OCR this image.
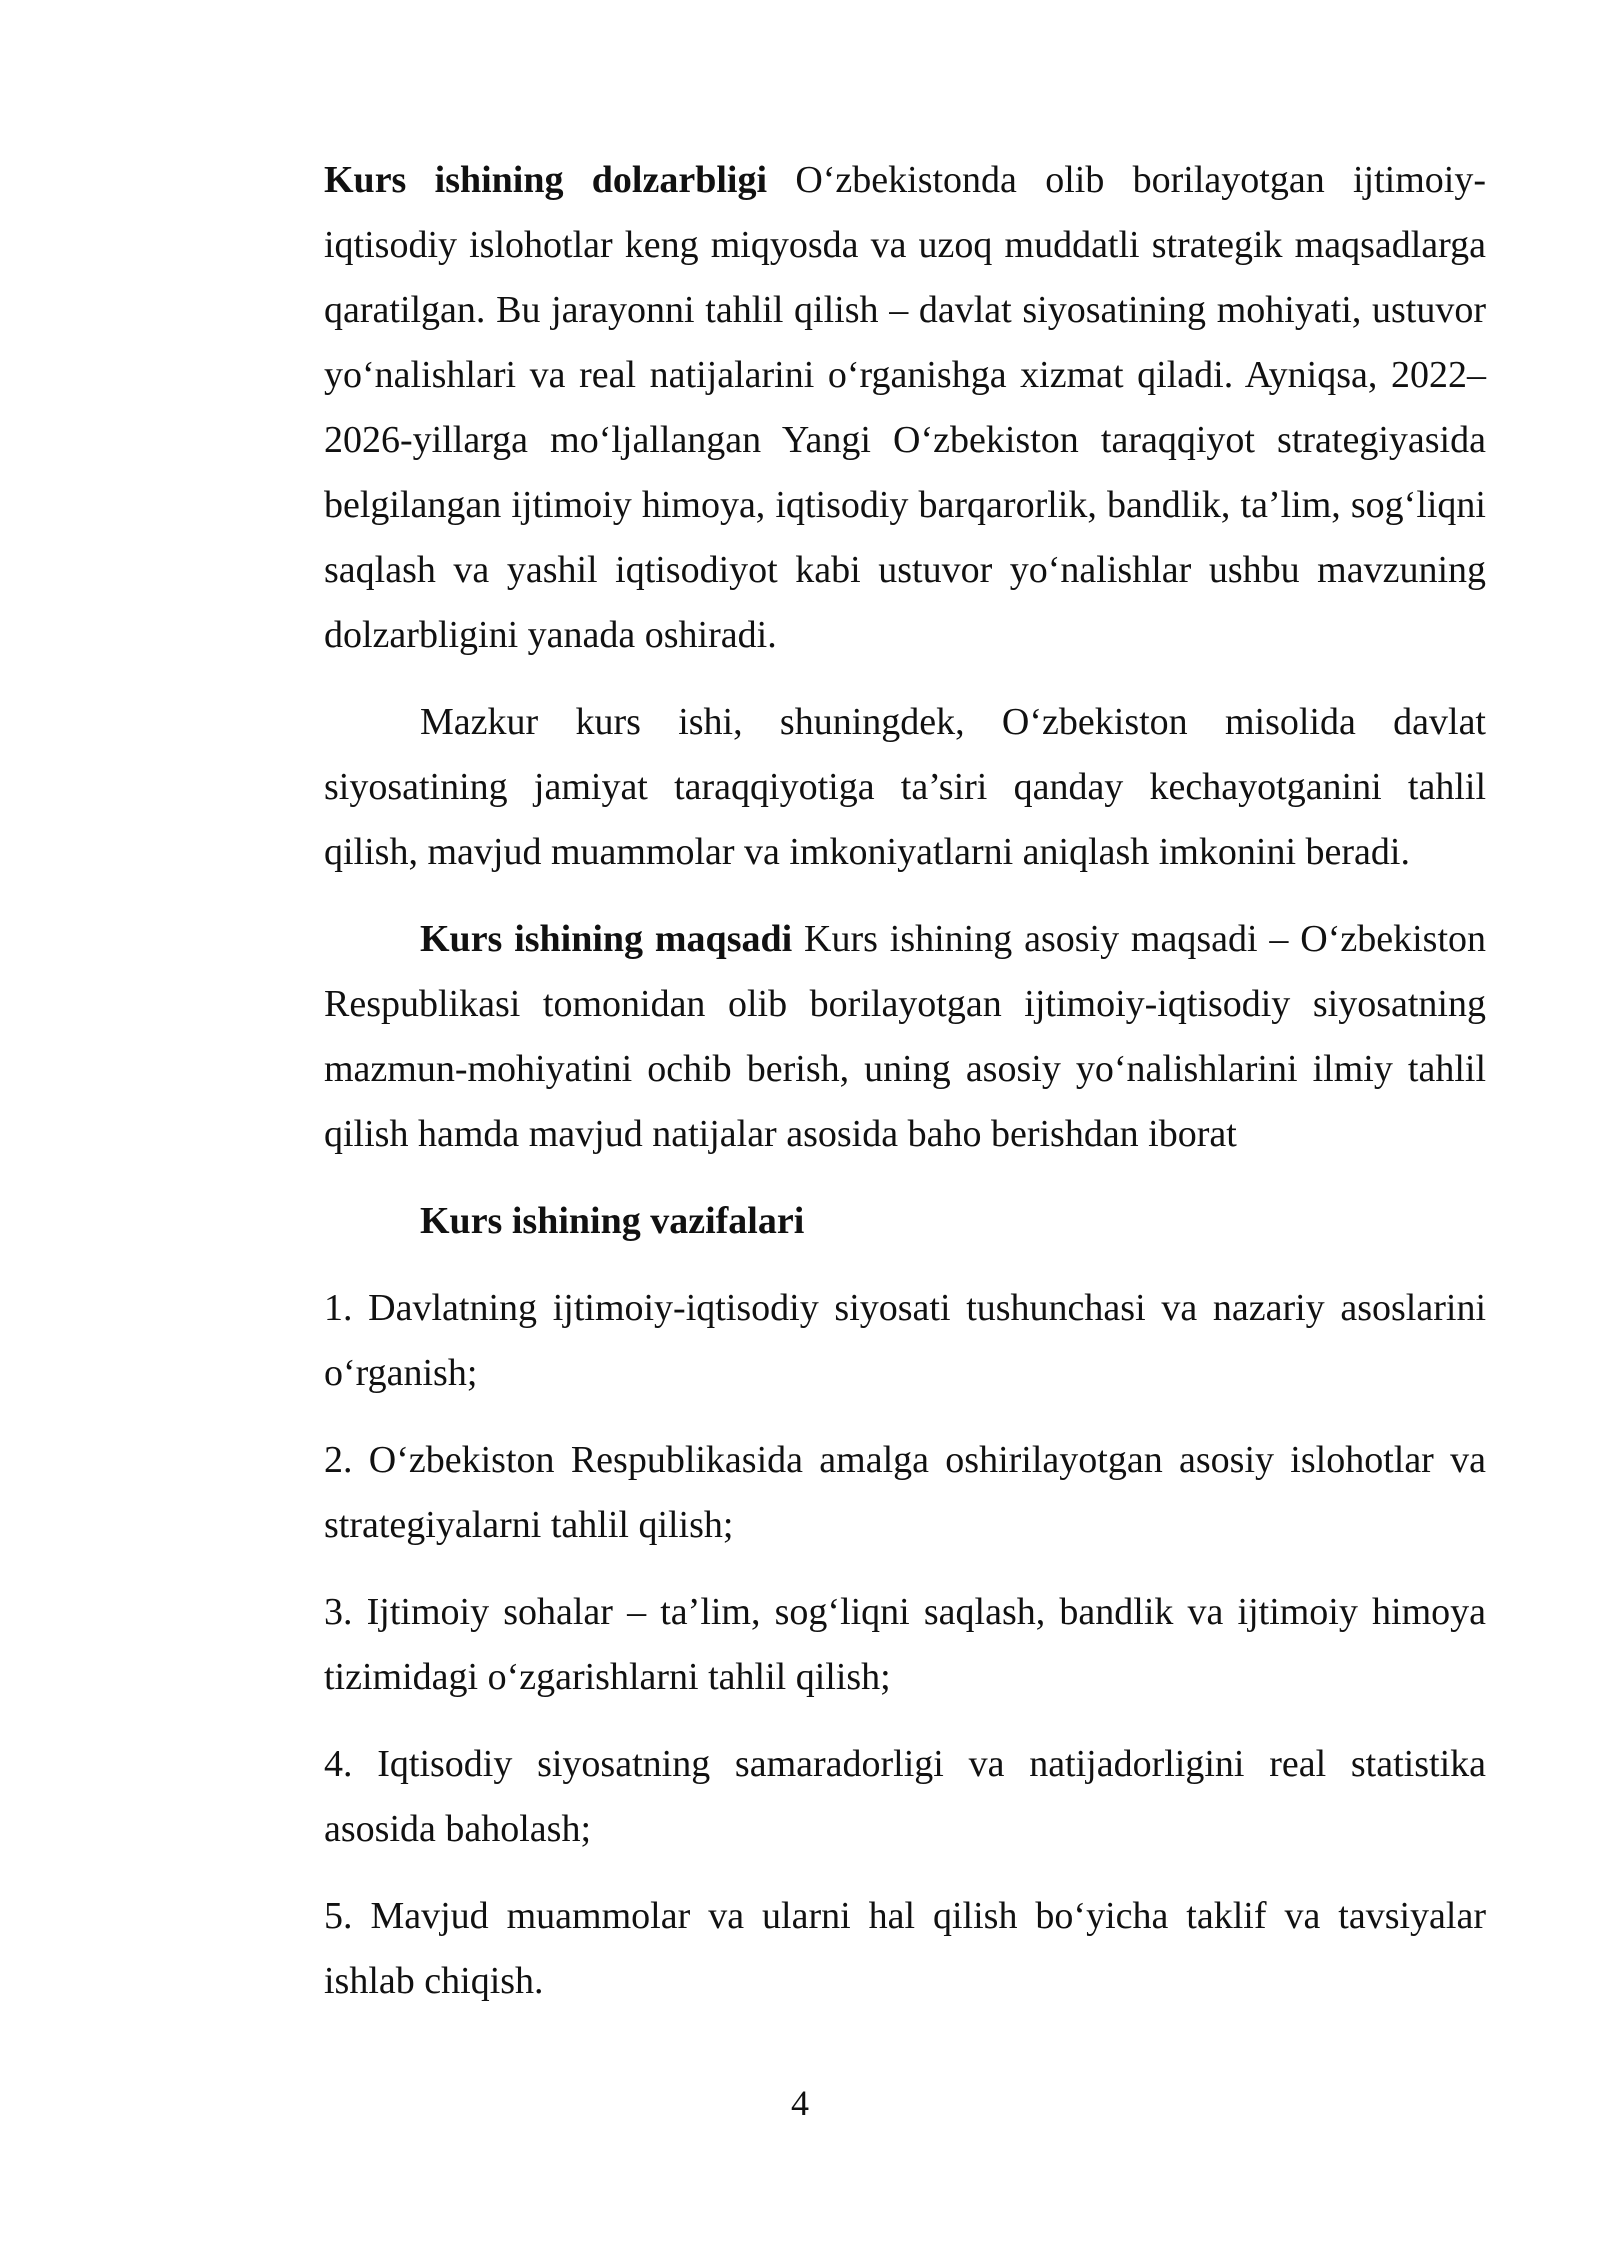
Kurs ishining dolzarbligi O‘zbekistonda olib borilayotgan ijtimoiy-iqtisodiy islohotlar keng miqyosda va uzoq muddatli strategik maqsadlarga qaratilgan. Bu jarayonni tahlil qilish – davlat siyosatining mohiyati, ustuvor yo‘nalishlari va real natijalarini o‘rganishga xizmat qiladi. Ayniqsa, 2022–2026-yillarga mo‘ljallangan Yangi O‘zbekiston taraqqiyot strategiyasida belgilangan ijtimoiy himoya, iqtisodiy barqarorlik, bandlik, ta’lim, sog‘liqni saqlash va yashil iqtisodiyot kabi ustuvor yo‘nalishlar ushbu mavzuning dolzarbligini yanada oshiradi.

Mazkur kurs ishi, shuningdek, O‘zbekiston misolida davlat siyosatining jamiyat taraqqiyotiga ta’siri qanday kechayotganini tahlil qilish, mavjud muammolar va imkoniyatlarni aniqlash imkonini beradi.

Kurs ishining maqsadi Kurs ishining asosiy maqsadi – O‘zbekiston Respublikasi tomonidan olib borilayotgan ijtimoiy-iqtisodiy siyosatning mazmun-mohiyatini ochib berish, uning asosiy yo‘nalishlarini ilmiy tahlil qilish hamda mavjud natijalar asosida baho berishdan iborat

Kurs ishining vazifalari

1. Davlatning ijtimoiy-iqtisodiy siyosati tushunchasi va nazariy asoslarini o‘rganish;

2. O‘zbekiston Respublikasida amalga oshirilayotgan asosiy islohotlar va strategiyalarni tahlil qilish;

3. Ijtimoiy sohalar – ta’lim, sog‘liqni saqlash, bandlik va ijtimoiy himoya tizimidagi o‘zgarishlarni tahlil qilish;

4. Iqtisodiy siyosatning samaradorligi va natijadorligini real statistika asosida baholash;

5. Mavjud muammolar va ularni hal qilish bo‘yicha taklif va tavsiyalar ishlab chiqish.

4
